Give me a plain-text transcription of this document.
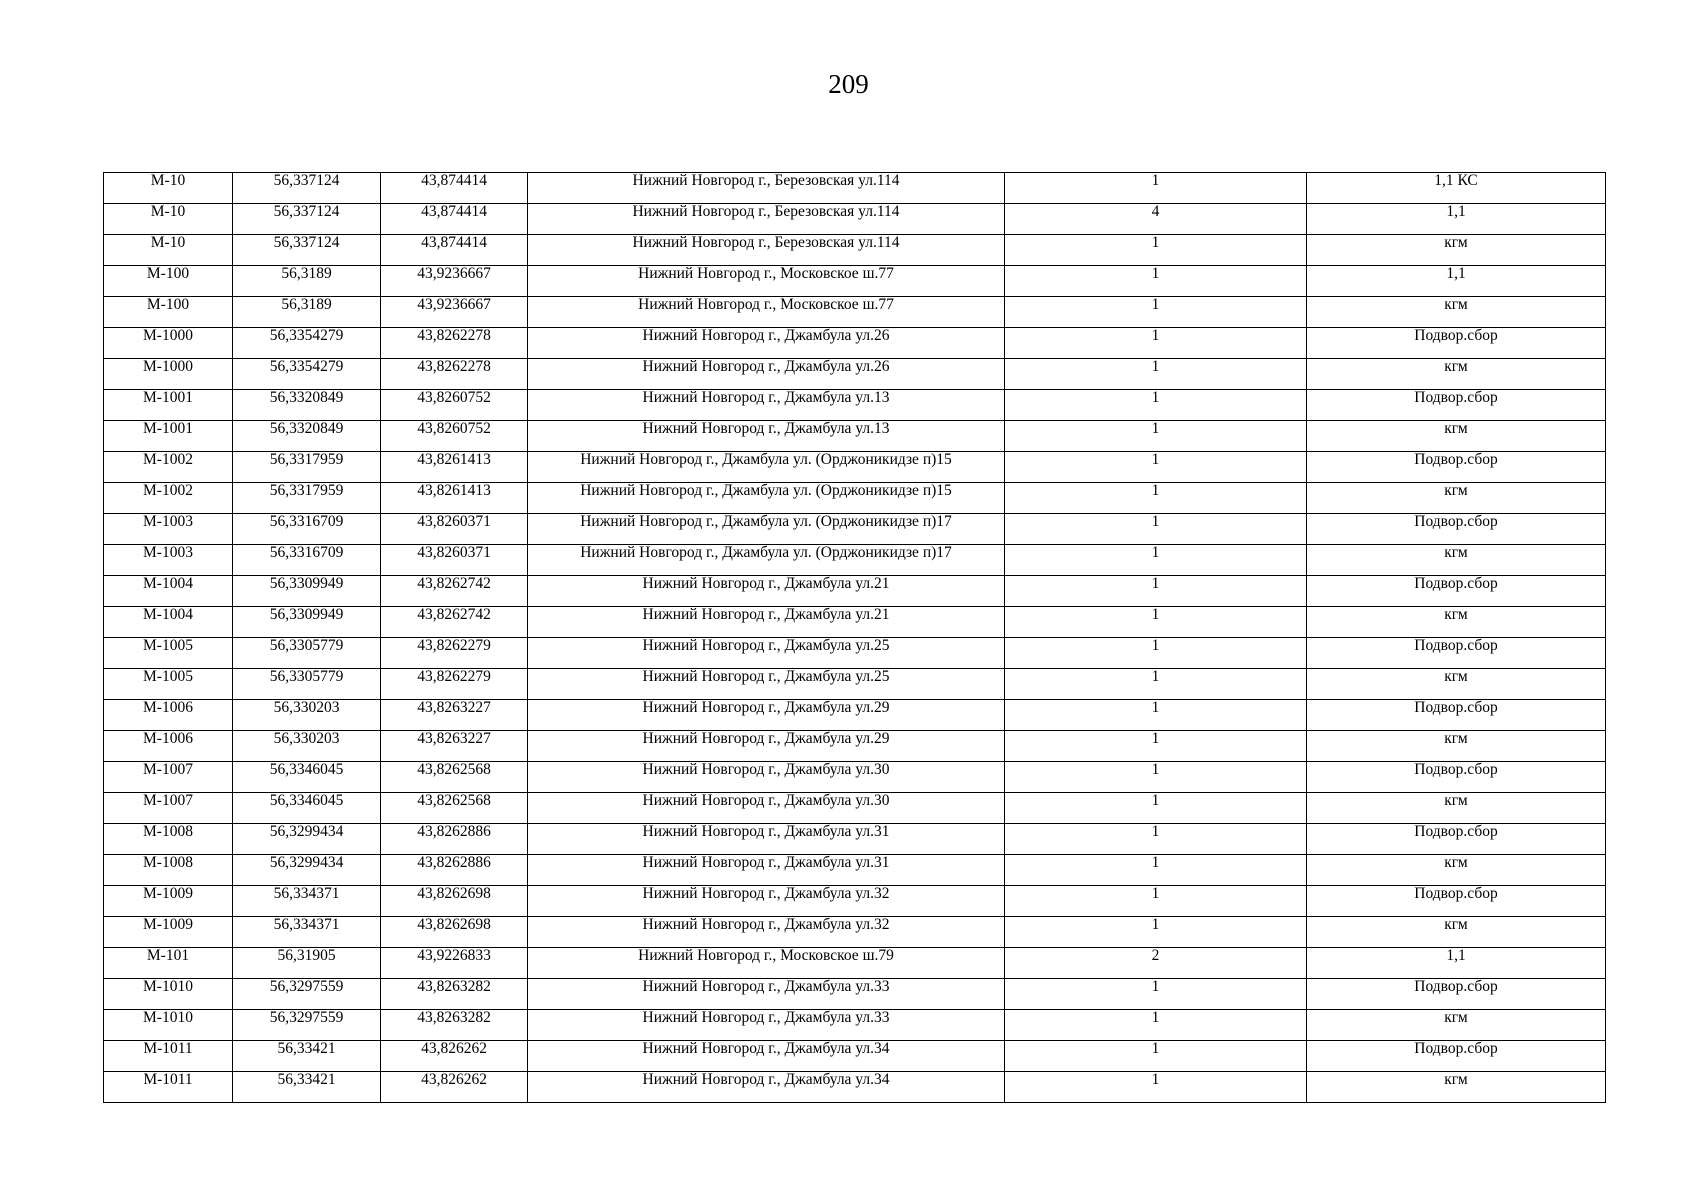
209
М-10	56,337124	43,874414	Нижний Новгород г., Березовская ул.114	1	1,1 КС
М-10	56,337124	43,874414	Нижний Новгород г., Березовская ул.114	4	1,1
М-10	56,337124	43,874414	Нижний Новгород г., Березовская ул.114	1	кгм
М-100	56,3189	43,9236667	Нижний Новгород г., Московское ш.77	1	1,1
М-100	56,3189	43,9236667	Нижний Новгород г., Московское ш.77	1	кгм
М-1000	56,3354279	43,8262278	Нижний Новгород г., Джамбула ул.26	1	Подвор.сбор
М-1000	56,3354279	43,8262278	Нижний Новгород г., Джамбула ул.26	1	кгм
М-1001	56,3320849	43,8260752	Нижний Новгород г., Джамбула ул.13	1	Подвор.сбор
М-1001	56,3320849	43,8260752	Нижний Новгород г., Джамбула ул.13	1	кгм
М-1002	56,3317959	43,8261413	Нижний Новгород г., Джамбула ул. (Орджоникидзе п)15	1	Подвор.сбор
М-1002	56,3317959	43,8261413	Нижний Новгород г., Джамбула ул. (Орджоникидзе п)15	1	кгм
М-1003	56,3316709	43,8260371	Нижний Новгород г., Джамбула ул. (Орджоникидзе п)17	1	Подвор.сбор
М-1003	56,3316709	43,8260371	Нижний Новгород г., Джамбула ул. (Орджоникидзе п)17	1	кгм
М-1004	56,3309949	43,8262742	Нижний Новгород г., Джамбула ул.21	1	Подвор.сбор
М-1004	56,3309949	43,8262742	Нижний Новгород г., Джамбула ул.21	1	кгм
М-1005	56,3305779	43,8262279	Нижний Новгород г., Джамбула ул.25	1	Подвор.сбор
М-1005	56,3305779	43,8262279	Нижний Новгород г., Джамбула ул.25	1	кгм
М-1006	56,330203	43,8263227	Нижний Новгород г., Джамбула ул.29	1	Подвор.сбор
М-1006	56,330203	43,8263227	Нижний Новгород г., Джамбула ул.29	1	кгм
М-1007	56,3346045	43,8262568	Нижний Новгород г., Джамбула ул.30	1	Подвор.сбор
М-1007	56,3346045	43,8262568	Нижний Новгород г., Джамбула ул.30	1	кгм
М-1008	56,3299434	43,8262886	Нижний Новгород г., Джамбула ул.31	1	Подвор.сбор
М-1008	56,3299434	43,8262886	Нижний Новгород г., Джамбула ул.31	1	кгм
М-1009	56,334371	43,8262698	Нижний Новгород г., Джамбула ул.32	1	Подвор.сбор
М-1009	56,334371	43,8262698	Нижний Новгород г., Джамбула ул.32	1	кгм
М-101	56,31905	43,9226833	Нижний Новгород г., Московское ш.79	2	1,1
М-1010	56,3297559	43,8263282	Нижний Новгород г., Джамбула ул.33	1	Подвор.сбор
М-1010	56,3297559	43,8263282	Нижний Новгород г., Джамбула ул.33	1	кгм
М-1011	56,33421	43,826262	Нижний Новгород г., Джамбула ул.34	1	Подвор.сбор
М-1011	56,33421	43,826262	Нижний Новгород г., Джамбула ул.34	1	кгм
